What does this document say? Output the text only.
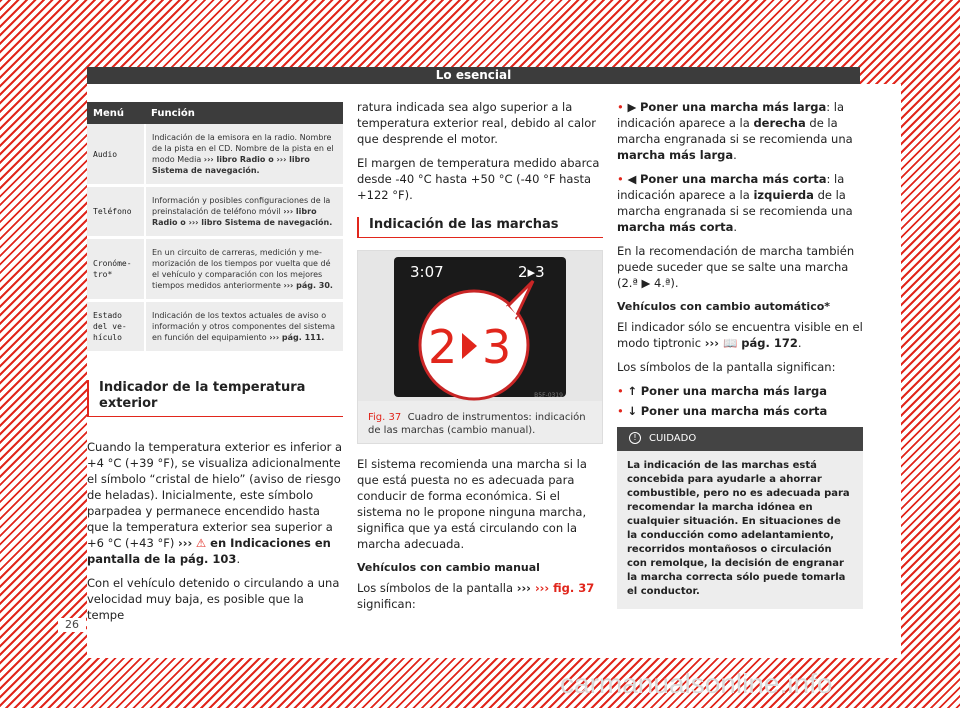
Lo esencial
Menú	Función
Audio	Indicación de la emisora en la radio. Nombre de la pista en el CD. Nombre de la pista en el modo Media ››› libro Radio o ››› libro Sistema de navegación.
Teléfono	Información y posibles configuraciones de la preinstalación de teléfono móvil ››› libro Radio o ››› libro Sistema de navegación.
Cronómetro*	En un circuito de carreras, medición y memorización de los tiempos por vuelta que dé el vehículo y comparación con los mejores tiempos medidos anteriormente ››› pág. 30.
Estado del vehículo	Indicación de los textos actuales de aviso o información y otros componentes del sistema en función del equipamiento ››› pág. 111.
Indicador de la temperatura exterior

Cuando la temperatura exterior es inferior a +4 °C (+39 °F), se visualiza adicionalmente el símbolo “cristal de hielo” (aviso de riesgo de heladas). Inicialmente, este símbolo parpadea y permanece encendido hasta que la temperatura exterior sea superior a +6 °C (+43 °F) ››› ⚠ en Indicaciones en pantalla de la pág. 103.

Con el vehículo detenido o circulando a una velocidad muy baja, es posible que la tempe

ratura indicada sea algo superior a la temperatura exterior real, debido al calor que desprende el motor.

El margen de temperatura medido abarca desde -40 °C hasta +50 °C (-40 °F hasta +122 °F).

Indicación de las marchas
3:07	2▸3
2 3
B5F-0319
Fig. 37 Cuadro de instrumentos: indicación de las marchas (cambio manual).

El sistema recomienda una marcha si la que está puesta no es adecuada para conducir de forma económica. Si el sistema no le propone ninguna marcha, significa que ya está circulando con la marcha adecuada.

Vehículos con cambio manual

Los símbolos de la pantalla ››› ››› fig. 37 significan:

• ▶ Poner una marcha más larga: la indicación aparece a la derecha de la marcha engranada si se recomienda una marcha más larga.

• ◀ Poner una marcha más corta: la indicación aparece a la izquierda de la marcha engranada si se recomienda una marcha más corta.

En la recomendación de marcha también puede suceder que se salte una marcha (2.ª ▶ 4.ª).

Vehículos con cambio automático*

El indicador sólo se encuentra visible en el modo tiptronic ››› 📖 pág. 172.

Los símbolos de la pantalla significan:

• ↑ Poner una marcha más larga

• ↓ Poner una marcha más corta

! CUIDADO
La indicación de las marchas está concebida para ayudarle a ahorrar combustible, pero no es adecuada para recomendar la marcha idónea en cualquier situación. En situaciones de la conducción como adelantamiento, recorridos montañosos o circulación con remolque, la decisión de engranar la marcha correcta sólo puede tomarla el conductor.
26
carmanualsonline.info
